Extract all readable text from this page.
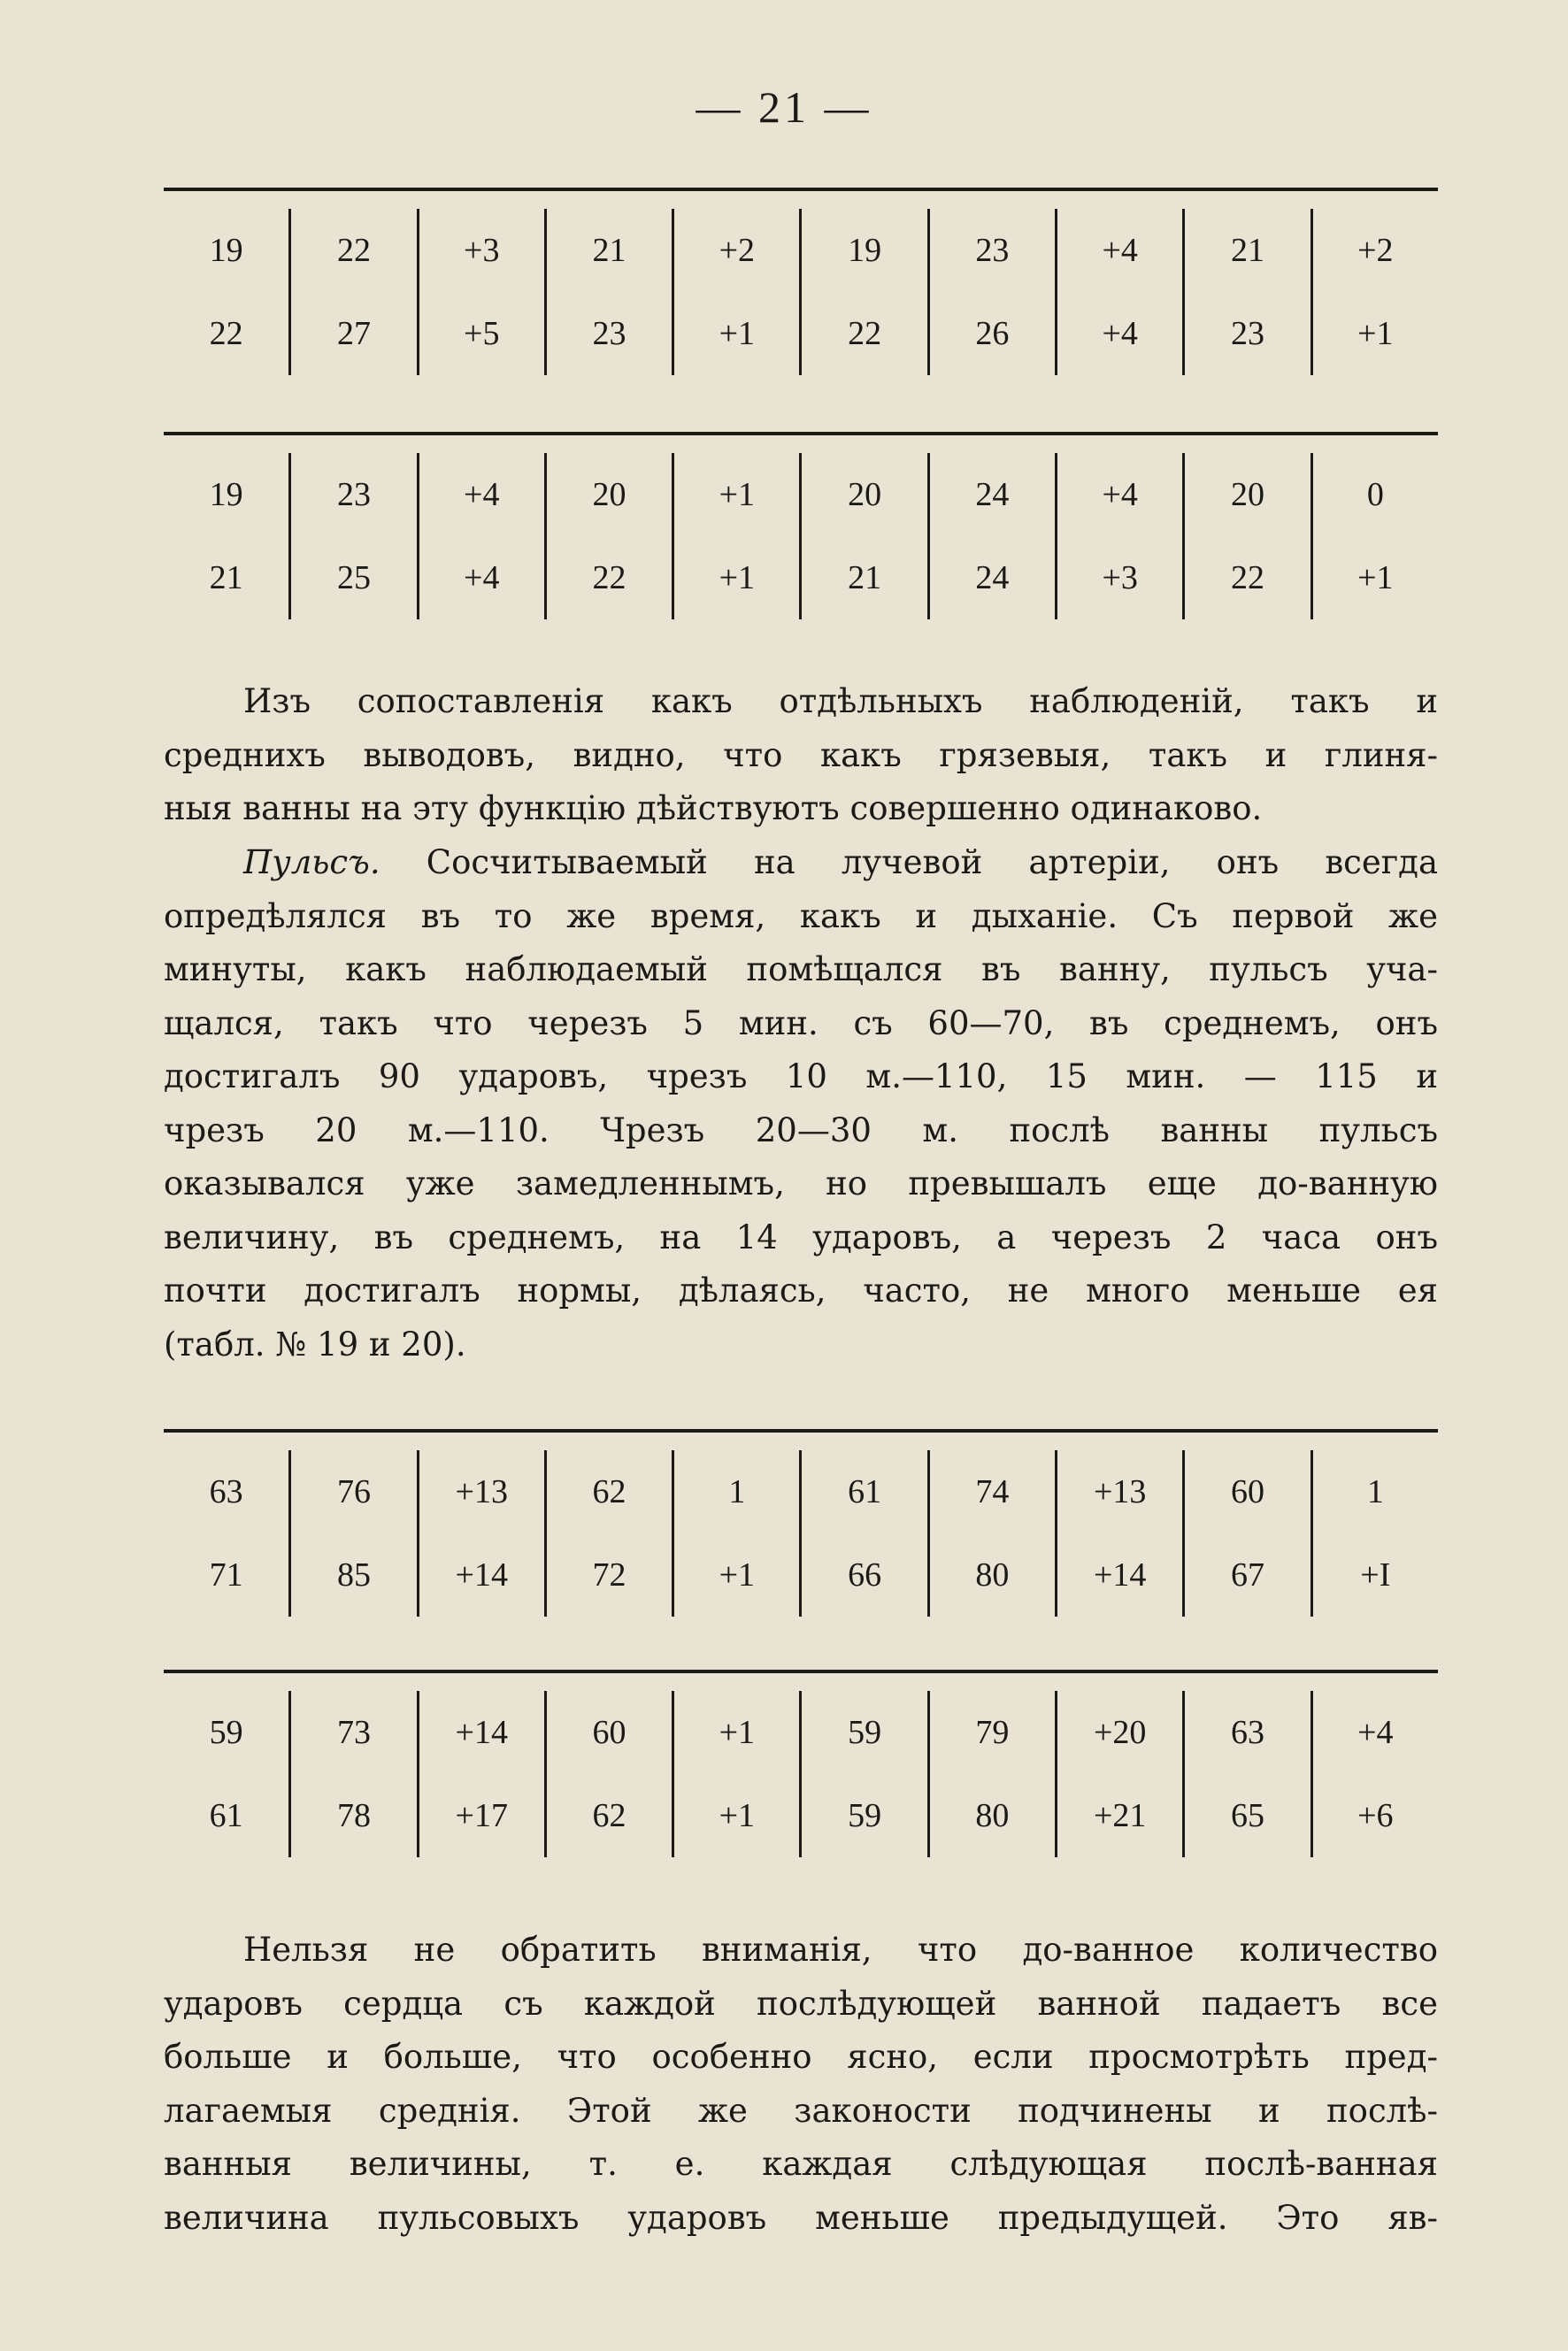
— 21 —
19	22	+3	21	+2	19	23	+4	21	+2
22	27	+5	23	+1	22	26	+4	23	+1
19	23	+4	20	+1	20	24	+4	20	0
21	25	+4	22	+1	21	24	+3	22	+1
Изъ сопоставленія какъ отдѣльныхъ наблюденій, такъ и
среднихъ выводовъ, видно, что какъ грязевыя, такъ и глиня-
ныя ванны на эту функцію дѣйствуютъ совершенно одинаково.
Пульсъ. Сосчитываемый на лучевой артеріи, онъ всегда
опредѣлялся въ то же время, какъ и дыханіе. Съ первой же
минуты, какъ наблюдаемый помѣщался въ ванну, пульсъ уча-
щался, такъ что черезъ 5 мин. съ 60—70, въ среднемъ, онъ
достигалъ 90 ударовъ, чрезъ 10 м.—110, 15 мин. — 115 и
чрезъ 20 м.—110. Чрезъ 20—30 м. послѣ ванны пульсъ
оказывался уже замедленнымъ, но превышалъ еще до-ванную
величину, въ среднемъ, на 14 ударовъ, а черезъ 2 часа онъ
почти достигалъ нормы, дѣлаясь, часто, не много меньше ея
(табл. № 19 и 20).
63	76	+13	62	1	61	74	+13	60	1
71	85	+14	72	+1	66	80	+14	67	+I
59	73	+14	60	+1	59	79	+20	63	+4
61	78	+17	62	+1	59	80	+21	65	+6
Нельзя не обратить вниманія, что до-ванное количество
ударовъ сердца съ каждой послѣдующей ванной падаетъ все
больше и больше, что особенно ясно, если просмотрѣть пред-
лагаемыя среднія. Этой же законости подчинены и послѣ-
ванныя величины, т. е. каждая слѣдующая послѣ-ванная
величина пульсовыхъ ударовъ меньше предыдущей. Это яв-
